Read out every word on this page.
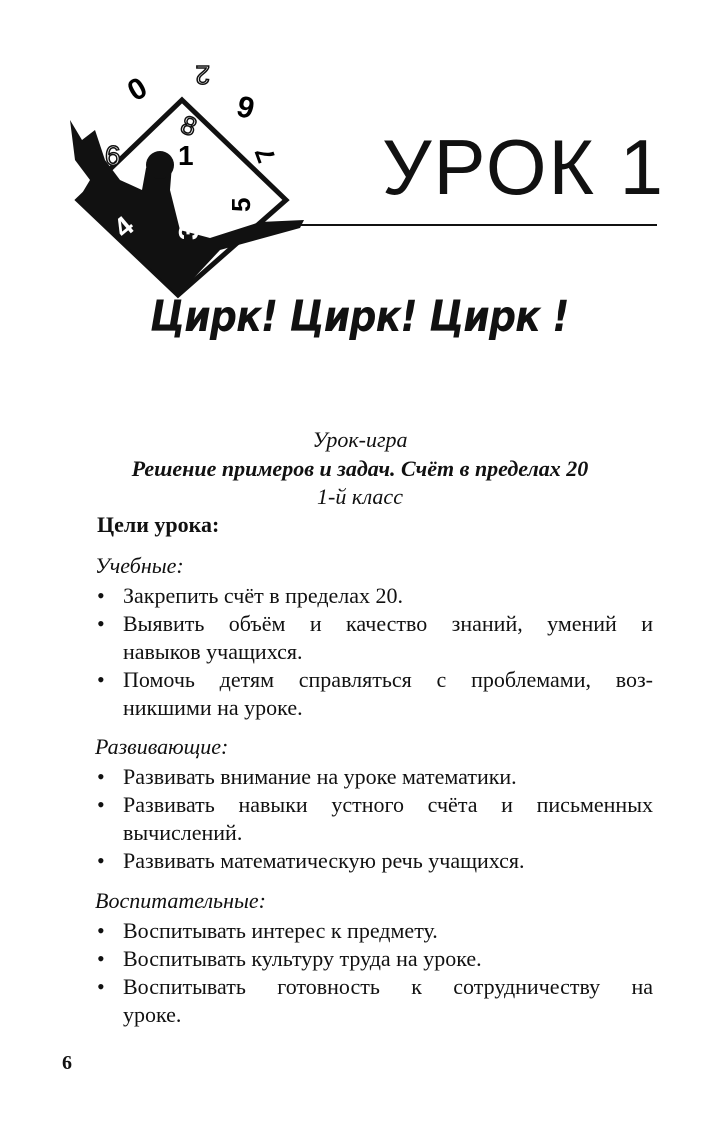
0 2
9
8
6 1 7
5
4 3
УРОК 1
Цирк! Цирк! Цирк !
Урок-игра
Решение примеров и задач. Счёт в пределах 20
1-й класс
Цели урока:
Учебные:
• Закрепить счёт в пределах 20.
• Выявить объём и качество знаний, умений и
навыков учащихся.
• Помочь детям справляться с проблемами, воз-
никшими на уроке.
Развивающие:
• Развивать внимание на уроке математики.
• Развивать навыки устного счёта и письменных
вычислений.
• Развивать математическую речь учащихся.
Воспитательные:
• Воспитывать интерес к предмету.
• Воспитывать культуру труда на уроке.
• Воспитывать готовность к сотрудничеству на
уроке.
6
